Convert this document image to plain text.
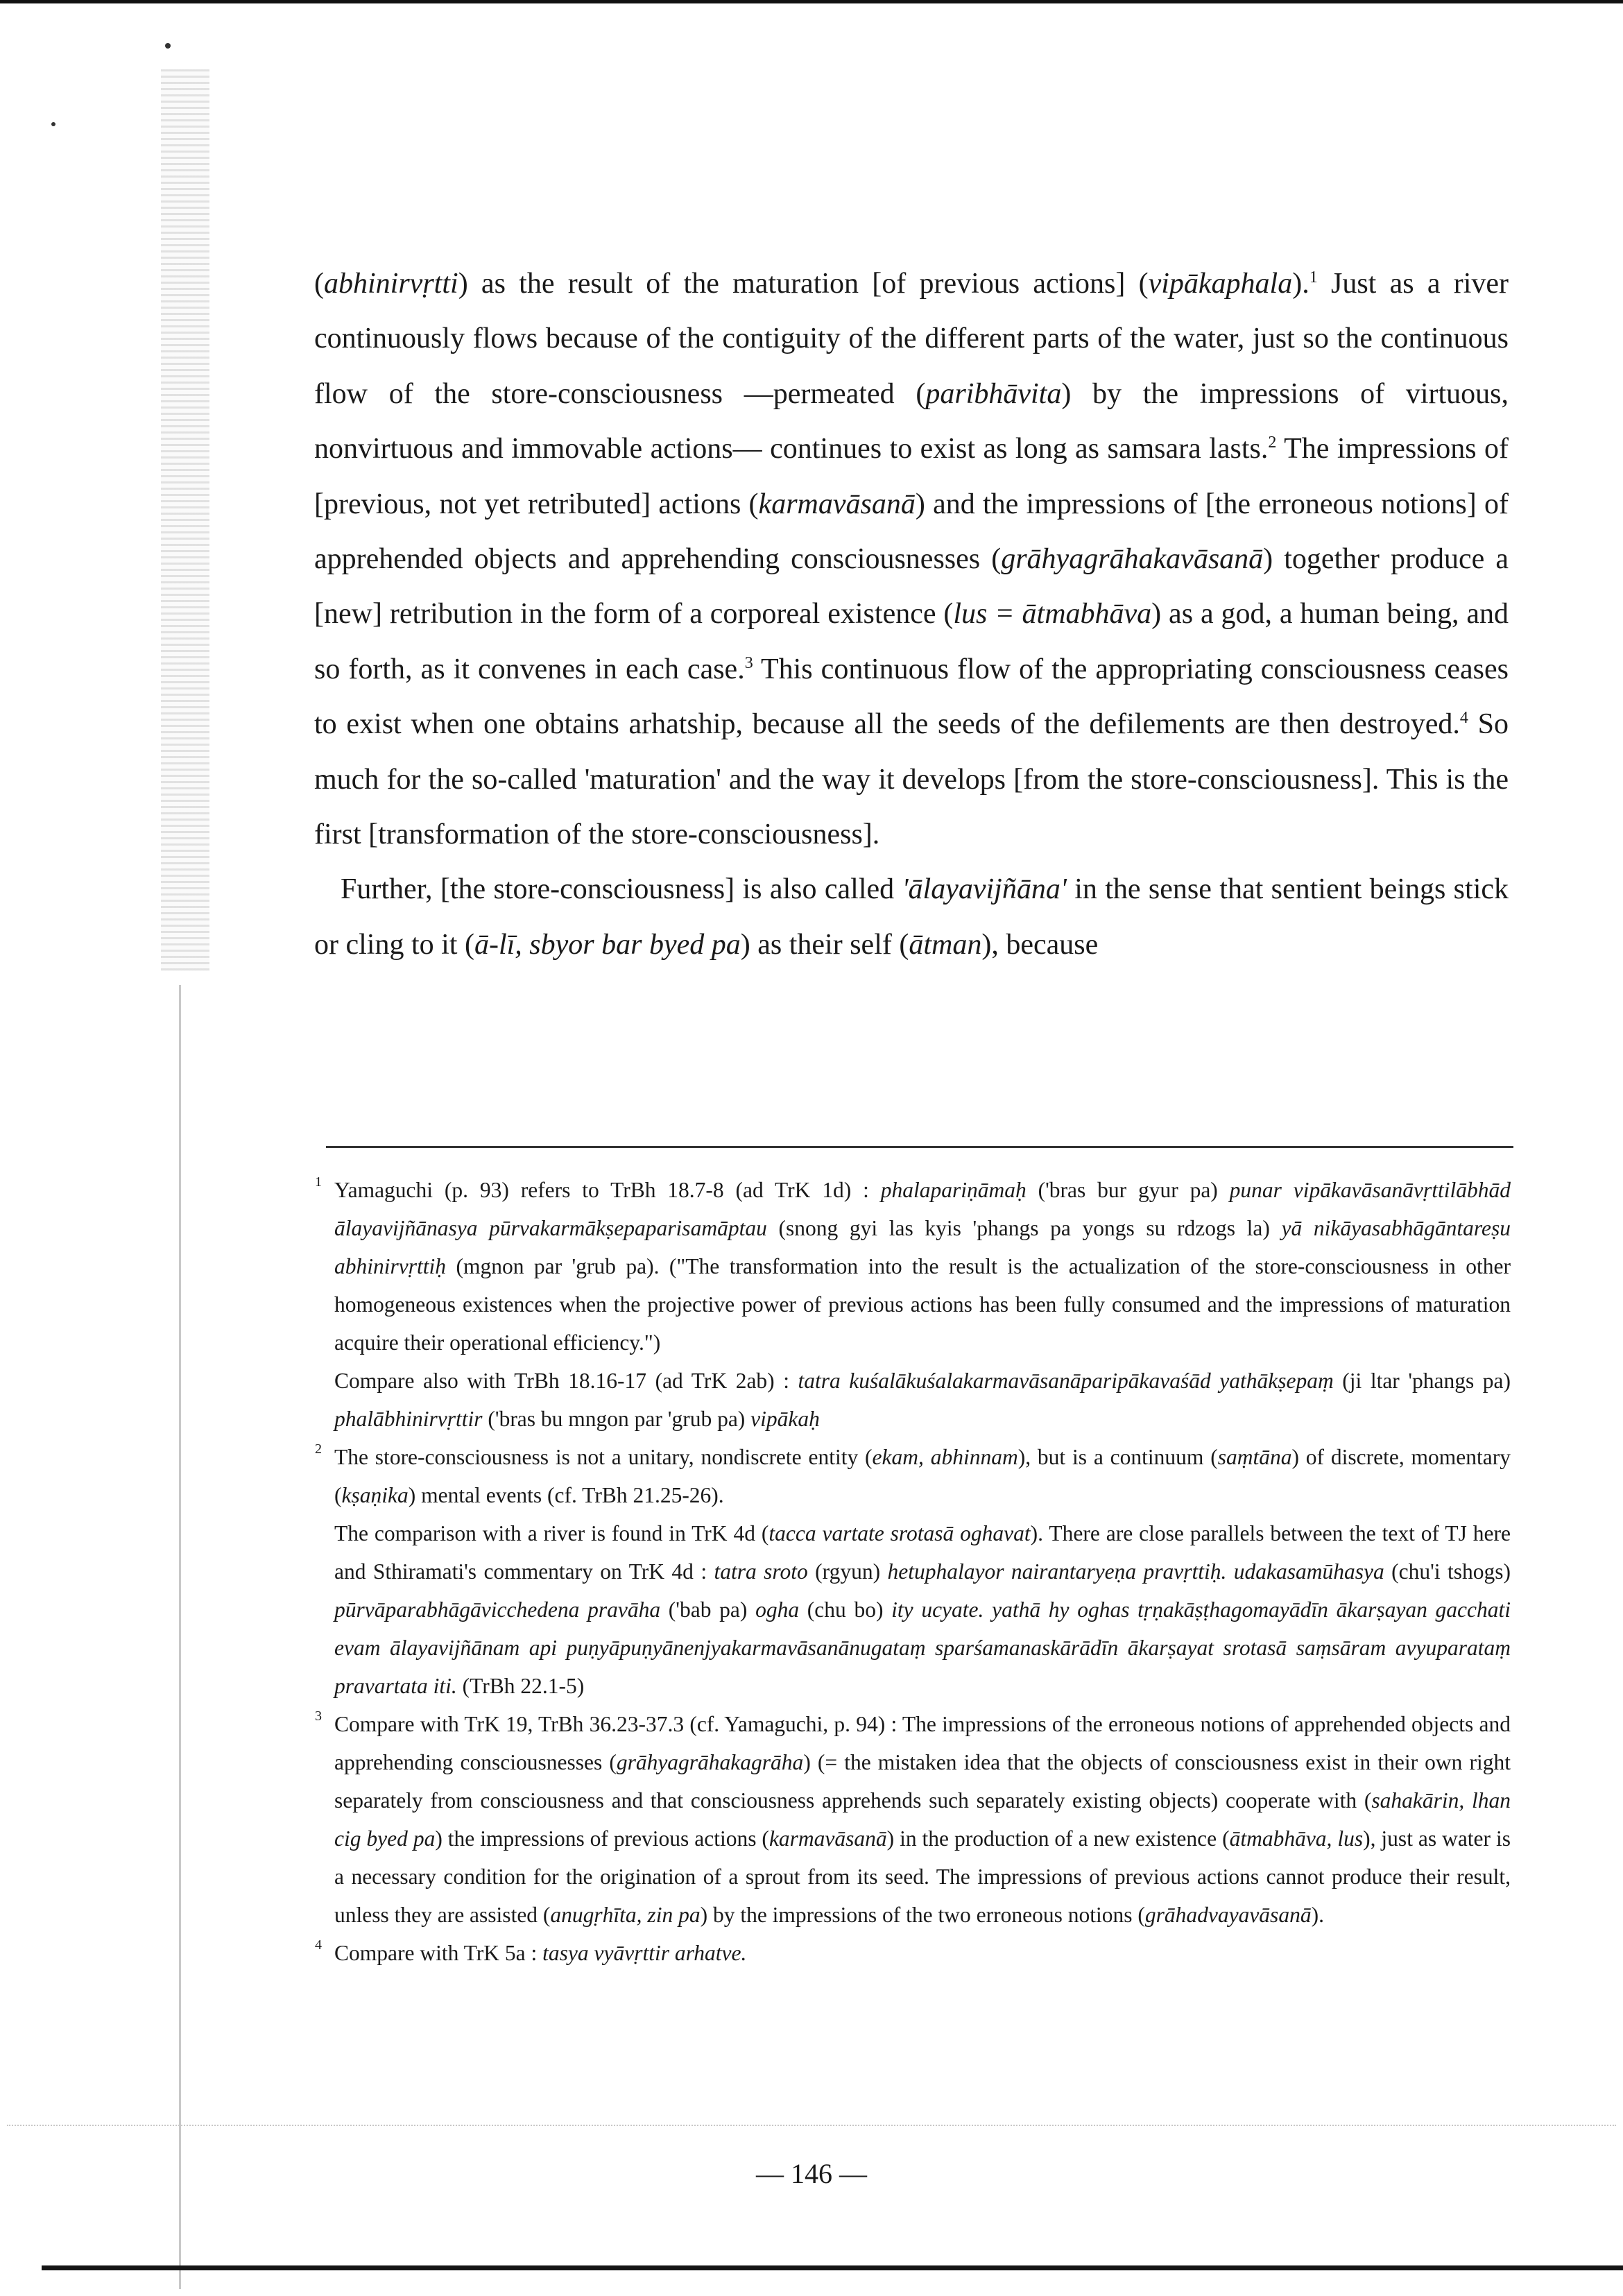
(abhinirvṛtti) as the result of the maturation [of previous actions] (vipākaphala).$^1$ Just as a river continuously flows because of the contiguity of the different parts of the water, just so the continuous flow of the store-consciousness —permeated (paribhāvita) by the impressions of virtuous, nonvirtuous and immovable actions— continues to exist as long as samsara lasts.$^2$ The impressions of [previous, not yet retributed] actions (karmavāsanā) and the impressions of [the erroneous notions] of apprehended objects and apprehending consciousnesses (grāhyagrāhakavāsanā) together produce a [new] retribution in the form of a corporeal existence (lus = ātmabhāva) as a god, a human being, and so forth, as it convenes in each case.$^3$ This continuous flow of the appropriating consciousness ceases to exist when one obtains arhatship, because all the seeds of the defilements are then destroyed.$^4$ So much for the so-called 'maturation' and the way it develops [from the store-consciousness]. This is the first [transformation of the store-consciousness].

Further, [the store-consciousness] is also called 'ālayavijñāna' in the sense that sentient beings stick or cling to it (ā-lī, sbyor bar byed pa) as their self (ātman), because

1 Yamaguchi (p. 93) refers to TrBh 18.7-8 (ad TrK 1d) : phalapariṇāmaḥ ('bras bur gyur pa) punar vipākavāsanāvṛttilābhād ālayavijñānasya pūrvakarmākṣepaparisamāptau (snong gyi las kyis 'phangs pa yongs su rdzogs la) yā nikāyasabhāgāntareṣu abhinirvṛttiḥ (mgnon par 'grub pa). ("The transformation into the result is the actualization of the store-consciousness in other homogeneous existences when the projective power of previous actions has been fully consumed and the impressions of maturation acquire their operational efficiency.")

Compare also with TrBh 18.16-17 (ad TrK 2ab) : tatra kuśalākuśalakarmavāsanāparipākavaśād yathākṣepaṃ (ji ltar 'phangs pa) phalābhinirvṛttir ('bras bu mngon par 'grub pa) vipākaḥ

2 The store-consciousness is not a unitary, nondiscrete entity (ekam, abhinnam), but is a continuum (saṃtāna) of discrete, momentary (kṣaṇika) mental events (cf. TrBh 21.25-26).

The comparison with a river is found in TrK 4d (tacca vartate srotasā oghavat). There are close parallels between the text of TJ here and Sthiramati's commentary on TrK 4d : tatra sroto (rgyun) hetuphalayor nairantaryeṇa pravṛttiḥ. udakasamūhasya (chu'i tshogs) pūrvāparabhāgāvicchedena pravāha ('bab pa) ogha (chu bo) ity ucyate. yathā hy oghas tṛṇakāṣṭhagomayādīn ākarṣayan gacchati evam ālayavijñānam api puṇyāpuṇyānenjyakarmavāsanānugataṃ sparśamanaskārādīn ākarṣayat srotasā saṃsāram avyuparataṃ pravartata iti. (TrBh 22.1-5)

3 Compare with TrK 19, TrBh 36.23-37.3 (cf. Yamaguchi, p. 94) : The impressions of the erroneous notions of apprehended objects and apprehending consciousnesses (grāhyagrāhakagrāha) (= the mistaken idea that the objects of consciousness exist in their own right separately from consciousness and that consciousness apprehends such separately existing objects) cooperate with (sahakārin, lhan cig byed pa) the impressions of previous actions (karmavāsanā) in the production of a new existence (ātmabhāva, lus), just as water is a necessary condition for the origination of a sprout from its seed. The impressions of previous actions cannot produce their result, unless they are assisted (anugṛhīta, zin pa) by the impressions of the two erroneous notions (grāhadvayavāsanā).

4 Compare with TrK 5a : tasya vyāvṛttir arhatve.

— 146 —
